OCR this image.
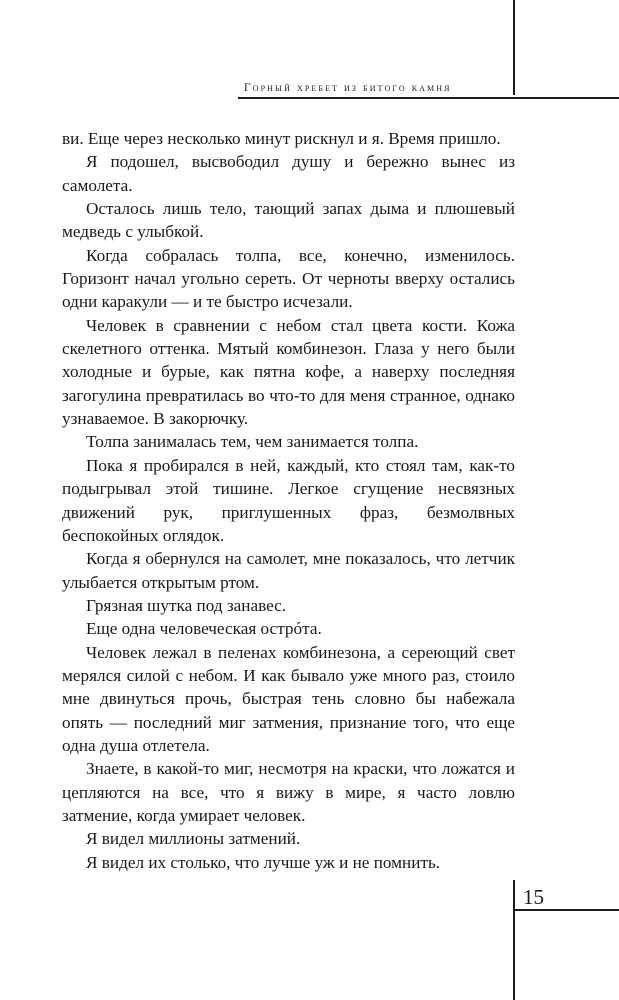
Горный хребет из битого камня

ви. Еще через несколько минут рискнул и я. Время пришло.

Я подошел, высвободил душу и бережно вынес из самолета.

Осталось лишь тело, тающий запах дыма и плюшевый медведь с улыбкой.

Когда собралась толпа, все, конечно, изменилось. Горизонт начал угольно сереть. От черноты вверху остались одни каракули — и те быстро исчезали.

Человек в сравнении с небом стал цвета кости. Кожа скелетного оттенка. Мятый комбинезон. Глаза у него были холодные и бурые, как пятна кофе, а наверху последняя загогулина превратилась во что-то для меня странное, однако узнаваемое. В закорючку.

Толпа занималась тем, чем занимается толпа.

Пока я пробирался в ней, каждый, кто стоял там, как-то подыгрывал этой тишине. Легкое сгущение несвязных движений рук, приглушенных фраз, безмолвных беспокойных оглядок.

Когда я обернулся на самолет, мне показалось, что летчик улыбается открытым ртом.

Грязная шутка под занавес.

Еще одна человеческая острóта.

Человек лежал в пеленах комбинезона, а сереющий свет мерялся силой с небом. И как бывало уже много раз, стоило мне двинуться прочь, быстрая тень словно бы набежала опять — последний миг затмения, признание того, что еще одна душа отлетела.

Знаете, в какой-то миг, несмотря на краски, что ложатся и цепляются на все, что я вижу в мире, я часто ловлю затмение, когда умирает человек.

Я видел миллионы затмений.

Я видел их столько, что лучше уж и не помнить.

15
